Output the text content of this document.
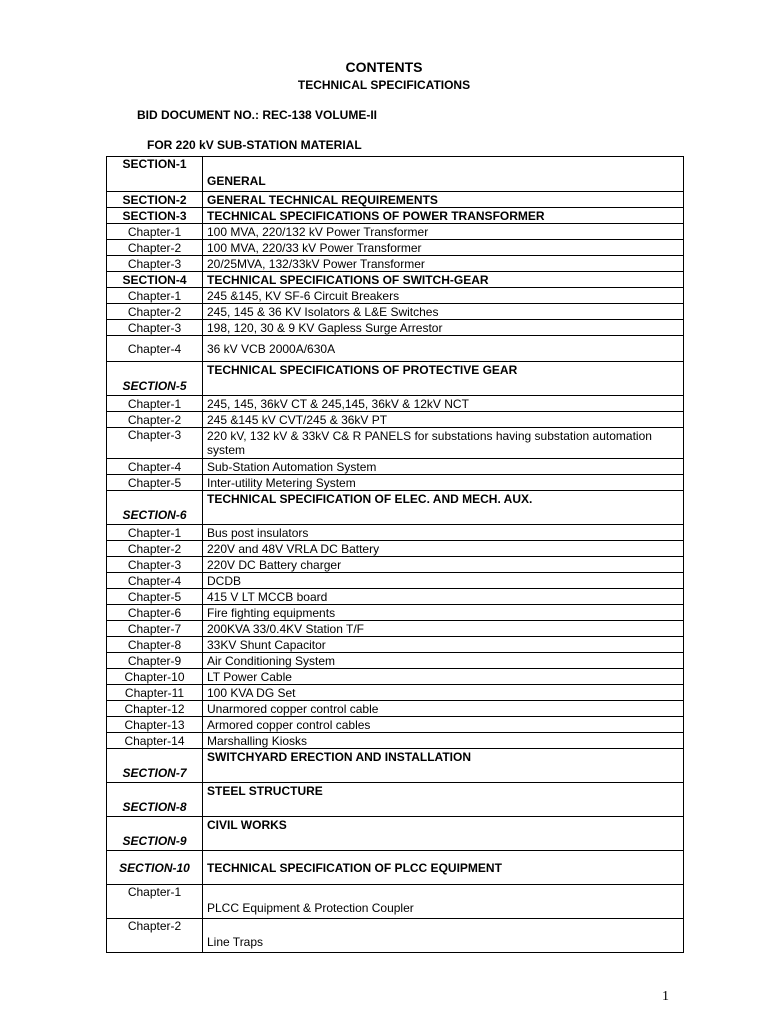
CONTENTS
TECHNICAL SPECIFICATIONS
BID DOCUMENT NO.: REC-138 VOLUME-II
FOR 220 kV SUB-STATION MATERIAL
SECTION-1	GENERAL
SECTION-2	GENERAL TECHNICAL REQUIREMENTS
SECTION-3	TECHNICAL SPECIFICATIONS OF POWER TRANSFORMER
Chapter-1	100 MVA, 220/132 kV Power Transformer
Chapter-2	100 MVA, 220/33 kV Power Transformer
Chapter-3	20/25MVA, 132/33kV Power Transformer
SECTION-4	TECHNICAL SPECIFICATIONS OF SWITCH-GEAR
Chapter-1	245 &145, KV SF-6 Circuit Breakers
Chapter-2	245, 145 & 36 KV Isolators & L&E Switches
Chapter-3	198, 120, 30 & 9 KV Gapless Surge Arrestor
Chapter-4	36 kV VCB 2000A/630A
SECTION-5	TECHNICAL SPECIFICATIONS OF PROTECTIVE GEAR
Chapter-1	245, 145, 36kV CT & 245,145, 36kV & 12kV NCT
Chapter-2	245 &145 kV CVT/245 & 36kV PT
Chapter-3	220 kV, 132 kV & 33kV C& R PANELS for substations having substation automation system
Chapter-4	Sub-Station Automation System
Chapter-5	Inter-utility Metering System
SECTION-6	TECHNICAL SPECIFICATION OF ELEC. AND MECH. AUX.
Chapter-1	Bus post insulators
Chapter-2	220V and 48V VRLA DC Battery
Chapter-3	220V DC Battery charger
Chapter-4	DCDB
Chapter-5	415 V LT MCCB board
Chapter-6	Fire fighting equipments
Chapter-7	200KVA 33/0.4KV Station T/F
Chapter-8	33KV Shunt Capacitor
Chapter-9	Air Conditioning System
Chapter-10	LT Power Cable
Chapter-11	100 KVA DG Set
Chapter-12	Unarmored copper control cable
Chapter-13	Armored copper control cables
Chapter-14	Marshalling Kiosks
SECTION-7	SWITCHYARD ERECTION AND INSTALLATION
SECTION-8	STEEL STRUCTURE
SECTION-9	CIVIL WORKS
SECTION-10	TECHNICAL SPECIFICATION OF PLCC EQUIPMENT
Chapter-1	PLCC Equipment & Protection Coupler
Chapter-2	Line Traps
1
